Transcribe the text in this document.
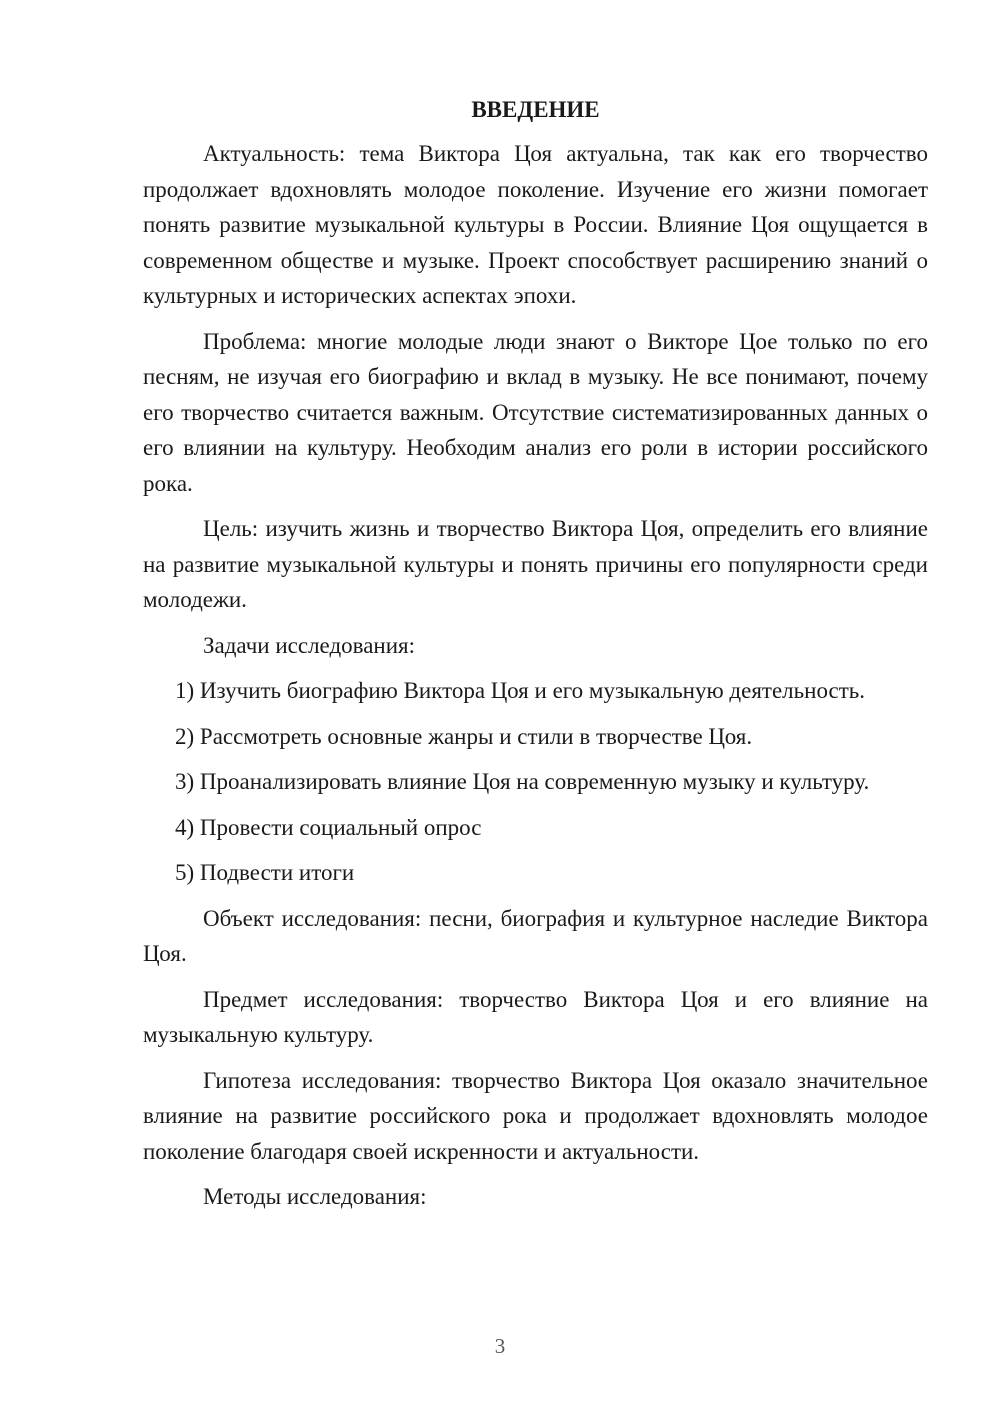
ВВЕДЕНИЕ

Актуальность: тема Виктора Цоя актуальна, так как его творчество продолжает вдохновлять молодое поколение. Изучение его жизни помогает понять развитие музыкальной культуры в России. Влияние Цоя ощущается в современном обществе и музыке. Проект способствует расширению знаний о культурных и исторических аспектах эпохи.

Проблема: многие молодые люди знают о Викторе Цое только по его песням, не изучая его биографию и вклад в музыку. Не все понимают, почему его творчество считается важным. Отсутствие систематизированных данных о его влиянии на культуру. Необходим анализ его роли в истории российского рока.

Цель: изучить жизнь и творчество Виктора Цоя, определить его влияние на развитие музыкальной культуры и понять причины его популярности среди молодежи.

Задачи исследования:

1) Изучить биографию Виктора Цоя и его музыкальную деятельность.

2) Рассмотреть основные жанры и стили в творчестве Цоя.

3) Проанализировать влияние Цоя на современную музыку и культуру.

4) Провести социальный опрос

5) Подвести итоги

Объект исследования: песни, биография и культурное наследие Виктора Цоя.

Предмет исследования: творчество Виктора Цоя и его влияние на музыкальную культуру.

Гипотеза исследования: творчество Виктора Цоя оказало значительное влияние на развитие российского рока и продолжает вдохновлять молодое поколение благодаря своей искренности и актуальности.

Методы исследования:

3
